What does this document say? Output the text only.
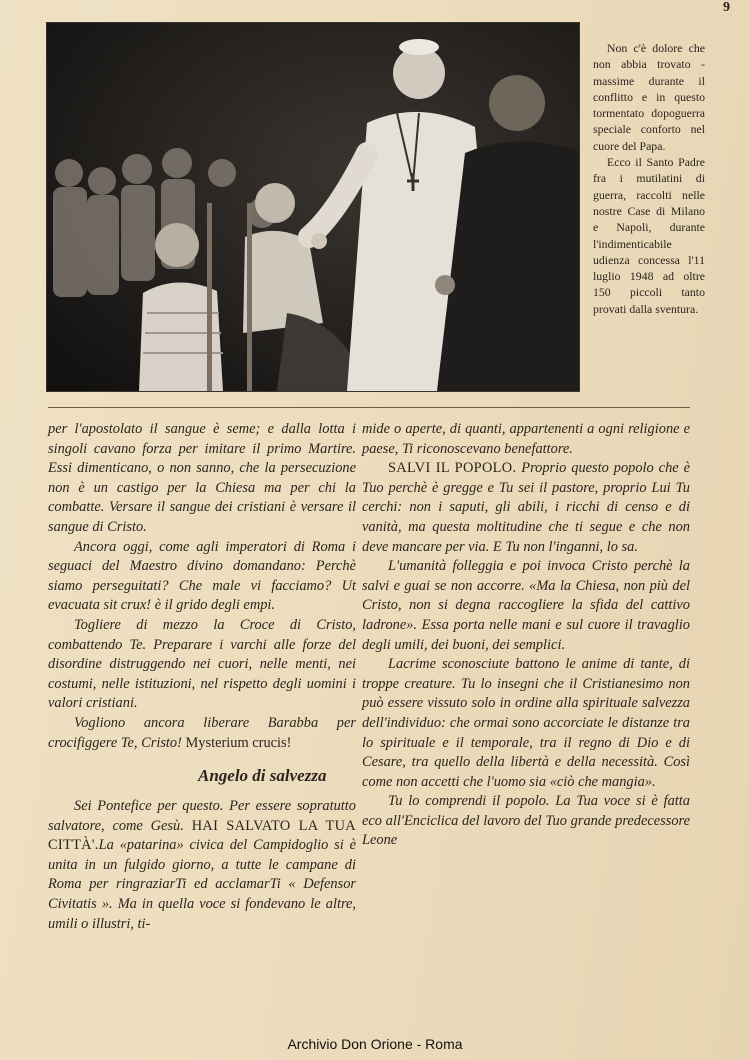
9

Non c'è dolore che non abbia trovato - massime durante il conflitto e in questo tormentato dopoguerra speciale conforto nel cuore del Papa.

Ecco il Santo Padre fra i mutilatini di guerra, raccolti nelle nostre Case di Milano e Napoli, durante l'indimenticabile udienza concessa l'11 luglio 1948 ad oltre 150 piccoli tanto provati dalla sventura.

per l'apostolato il sangue è seme; e dalla lotta i singoli cavano forza per imitare il primo Martire. Essi dimenticano, o non sanno, che la persecuzione non è un castigo per la Chiesa ma per chi la combatte. Versare il sangue dei cristiani è versare il sangue di Cristo.

Ancora oggi, come agli imperatori di Roma i seguaci del Maestro divino domandano: Perchè siamo perseguitati? Che male vi facciamo? Ut evacuata sit crux! è il grido degli empi.

Togliere di mezzo la Croce di Cristo, combattendo Te. Preparare i varchi alle forze del disordine distruggendo nei cuori, nelle menti, nei costumi, nelle istituzioni, nel rispetto degli uomini i valori cristiani.

Vogliono ancora liberare Barabba per crocifiggere Te, Cristo! Mysterium crucis!

Angelo di salvezza

Sei Pontefice per questo. Per essere sopratutto salvatore, come Gesù. HAI SALVATO LA TUA CITTÀ'.La «patarina» civica del Campidoglio si è unita in un fulgido giorno, a tutte le campane di Roma per ringraziarTi ed acclamarTi « Defensor Civitatis ». Ma in quella voce si fondevano le altre, umili o illustri, ti-

mide o aperte, di quanti, appartenenti a ogni religione e paese, Ti riconoscevano benefattore.

SALVI IL POPOLO. Proprio questo popolo che è Tuo perchè è gregge e Tu sei il pastore, proprio Lui Tu cerchi: non i saputi, gli abili, i ricchi di censo e di vanità, ma questa moltitudine che ti segue e che non deve mancare per via. E Tu non l'inganni, lo sa.

L'umanità folleggia e poi invoca Cristo perchè la salvi e guai se non accorre. «Ma la Chiesa, non più del Cristo, non si degna raccogliere la sfida del cattivo ladrone». Essa porta nelle mani e sul cuore il travaglio degli umili, dei buoni, dei semplici.

Lacrime sconosciute battono le anime di tante, di troppe creature. Tu lo insegni che il Cristianesimo non può essere vissuto solo in ordine alla spirituale salvezza dell'individuo: che ormai sono accorciate le distanze tra lo spirituale e il temporale, tra il regno di Dio e di Cesare, tra quello della libertà e della necessità. Così come non accetti che l'uomo sia «ciò che mangia».

Tu lo comprendi il popolo. La Tua voce si è fatta eco all'Enciclica del lavoro del Tuo grande predecessore Leone

Archivio Don Orione - Roma
